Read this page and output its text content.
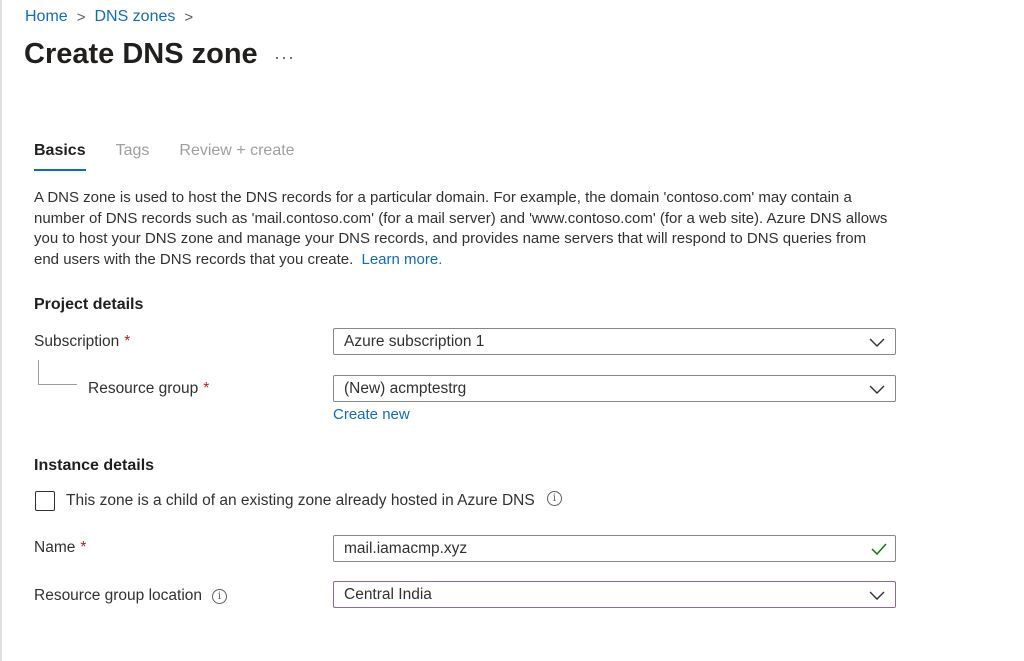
Home > DNS zones >
Create DNS zone ···
Basics Tags Review + create
A DNS zone is used to host the DNS records for a particular domain. For example, the domain 'contoso.com' may contain a number of DNS records such as 'mail.contoso.com' (for a mail server) and 'www.contoso.com' (for a web site). Azure DNS allows you to host your DNS zone and manage your DNS records, and provides name servers that will respond to DNS queries from end users with the DNS records that you create. Learn more.
Project details
Subscription *	Azure subscription 1
Resource group *	(New) acmptestrg
Create new
Instance details
This zone is a child of an existing zone already hosted in Azure DNS i
Name *	mail.iamacmp.xyz
Resource group location	i	Central India
